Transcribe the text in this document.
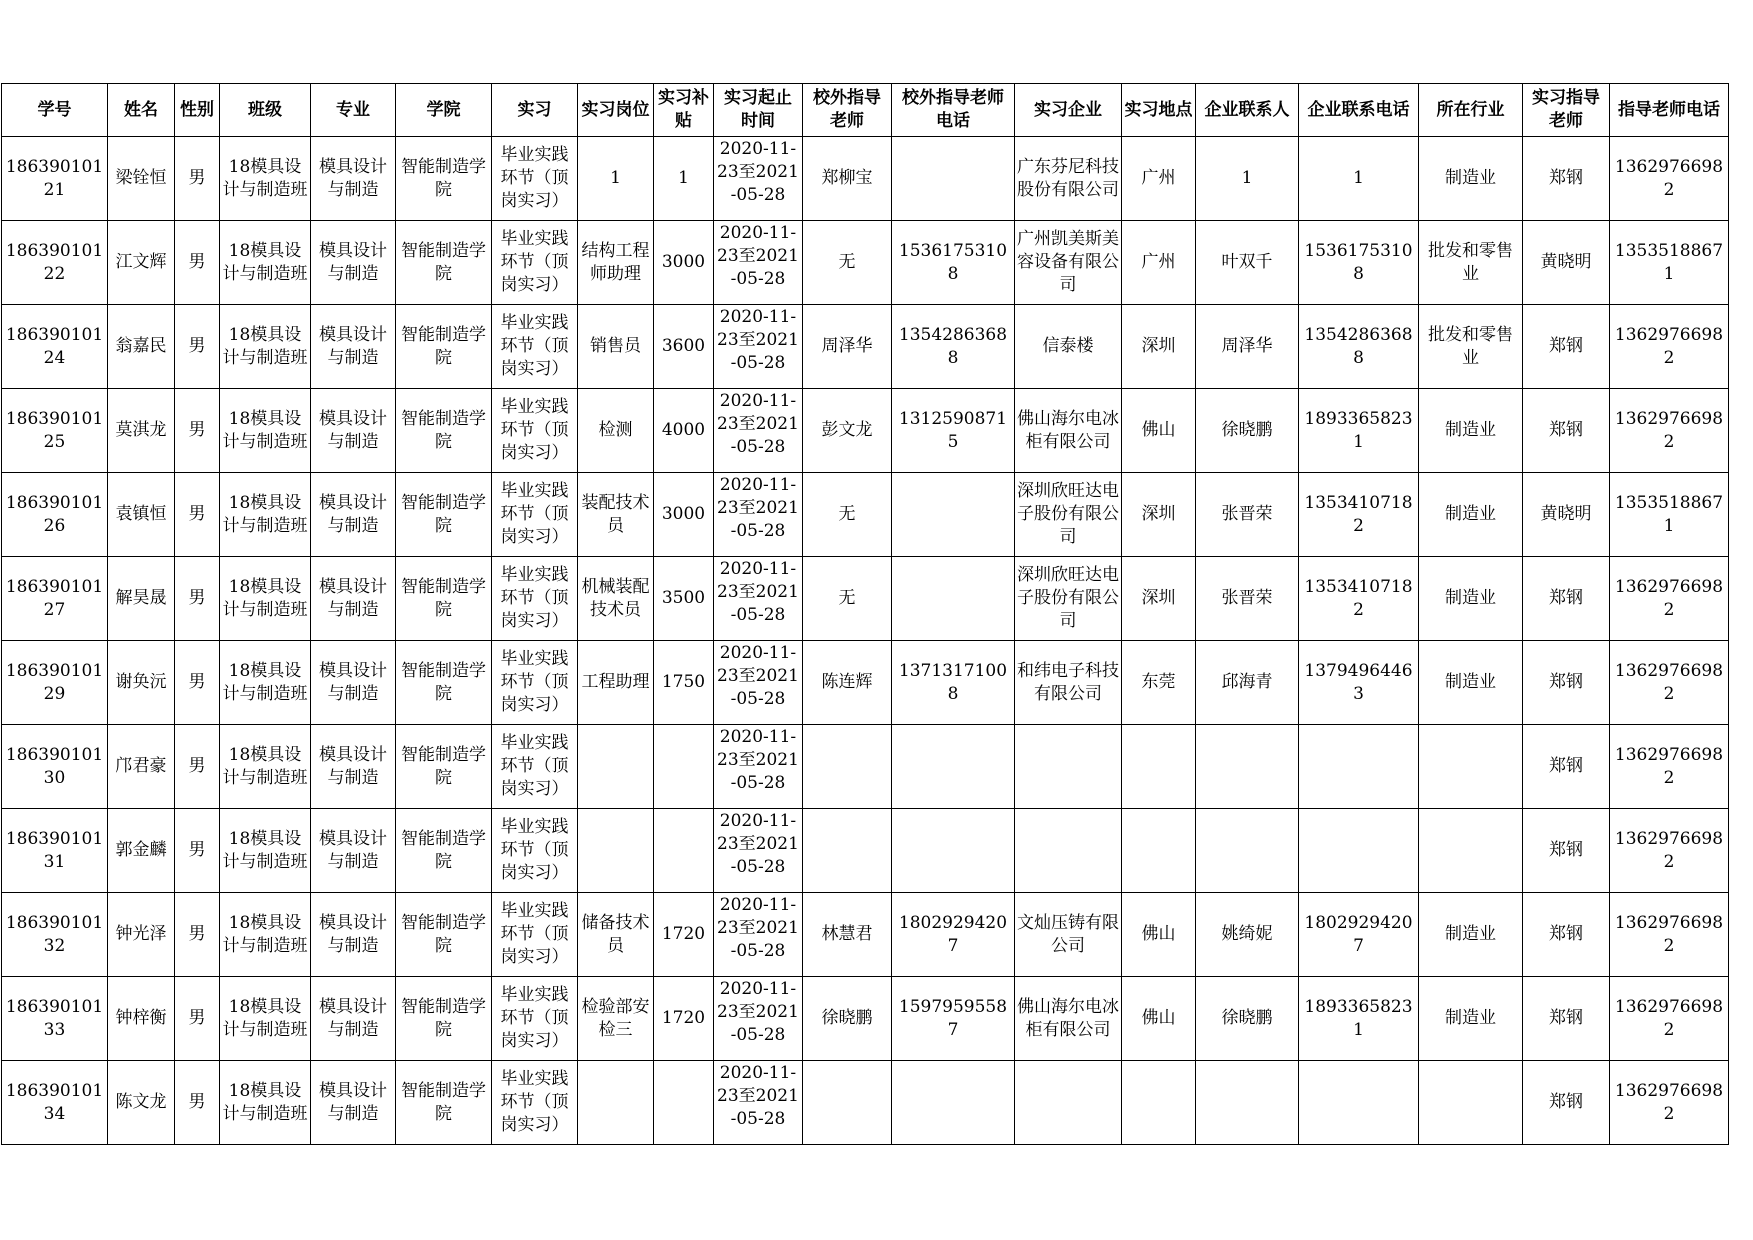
学号	姓名	性别	班级	专业	学院	实习	实习岗位	实习补贴	实习起止时间	校外指导老师	校外指导老师电话	实习企业	实习地点	企业联系人	企业联系电话	所在行业	实习指导老师	指导老师电话
18639010121	梁铨恒	男	18模具设计与制造班	模具设计与制造	智能制造学院	毕业实践环节（顶岗实习）	1	1	2020-11-23至2021-05-28	郑柳宝		广东芬尼科技股份有限公司	广州	1	1	制造业	郑钢	13629766982
18639010122	江文辉	男	18模具设计与制造班	模具设计与制造	智能制造学院	毕业实践环节（顶岗实习）	结构工程师助理	3000	2020-11-23至2021-05-28	无	15361753108	广州凯美斯美容设备有限公司	广州	叶双千	15361753108	批发和零售业	黄晓明	13535188671
18639010124	翁嘉民	男	18模具设计与制造班	模具设计与制造	智能制造学院	毕业实践环节（顶岗实习）	销售员	3600	2020-11-23至2021-05-28	周泽华	13542863688	信泰楼	深圳	周泽华	13542863688	批发和零售业	郑钢	13629766982
18639010125	莫淇龙	男	18模具设计与制造班	模具设计与制造	智能制造学院	毕业实践环节（顶岗实习）	检测	4000	2020-11-23至2021-05-28	彭文龙	13125908715	佛山海尔电冰柜有限公司	佛山	徐晓鹏	18933658231	制造业	郑钢	13629766982
18639010126	袁镇恒	男	18模具设计与制造班	模具设计与制造	智能制造学院	毕业实践环节（顶岗实习）	装配技术员	3000	2020-11-23至2021-05-28	无		深圳欣旺达电子股份有限公司	深圳	张晋荣	13534107182	制造业	黄晓明	13535188671
18639010127	解昊晟	男	18模具设计与制造班	模具设计与制造	智能制造学院	毕业实践环节（顶岗实习）	机械装配技术员	3500	2020-11-23至2021-05-28	无		深圳欣旺达电子股份有限公司	深圳	张晋荣	13534107182	制造业	郑钢	13629766982
18639010129	谢奂沅	男	18模具设计与制造班	模具设计与制造	智能制造学院	毕业实践环节（顶岗实习）	工程助理	1750	2020-11-23至2021-05-28	陈连辉	13713171008	和纬电子科技有限公司	东莞	邱海青	13794964463	制造业	郑钢	13629766982
18639010130	邝君豪	男	18模具设计与制造班	模具设计与制造	智能制造学院	毕业实践环节（顶岗实习）			2020-11-23至2021-05-28								郑钢	13629766982
18639010131	郭金麟	男	18模具设计与制造班	模具设计与制造	智能制造学院	毕业实践环节（顶岗实习）			2020-11-23至2021-05-28								郑钢	13629766982
18639010132	钟光泽	男	18模具设计与制造班	模具设计与制造	智能制造学院	毕业实践环节（顶岗实习）	储备技术员	1720	2020-11-23至2021-05-28	林慧君	18029294207	文灿压铸有限公司	佛山	姚绮妮	18029294207	制造业	郑钢	13629766982
18639010133	钟梓衡	男	18模具设计与制造班	模具设计与制造	智能制造学院	毕业实践环节（顶岗实习）	检验部安检三	1720	2020-11-23至2021-05-28	徐晓鹏	15979595587	佛山海尔电冰柜有限公司	佛山	徐晓鹏	18933658231	制造业	郑钢	13629766982
18639010134	陈文龙	男	18模具设计与制造班	模具设计与制造	智能制造学院	毕业实践环节（顶岗实习）			2020-11-23至2021-05-28								郑钢	13629766982
